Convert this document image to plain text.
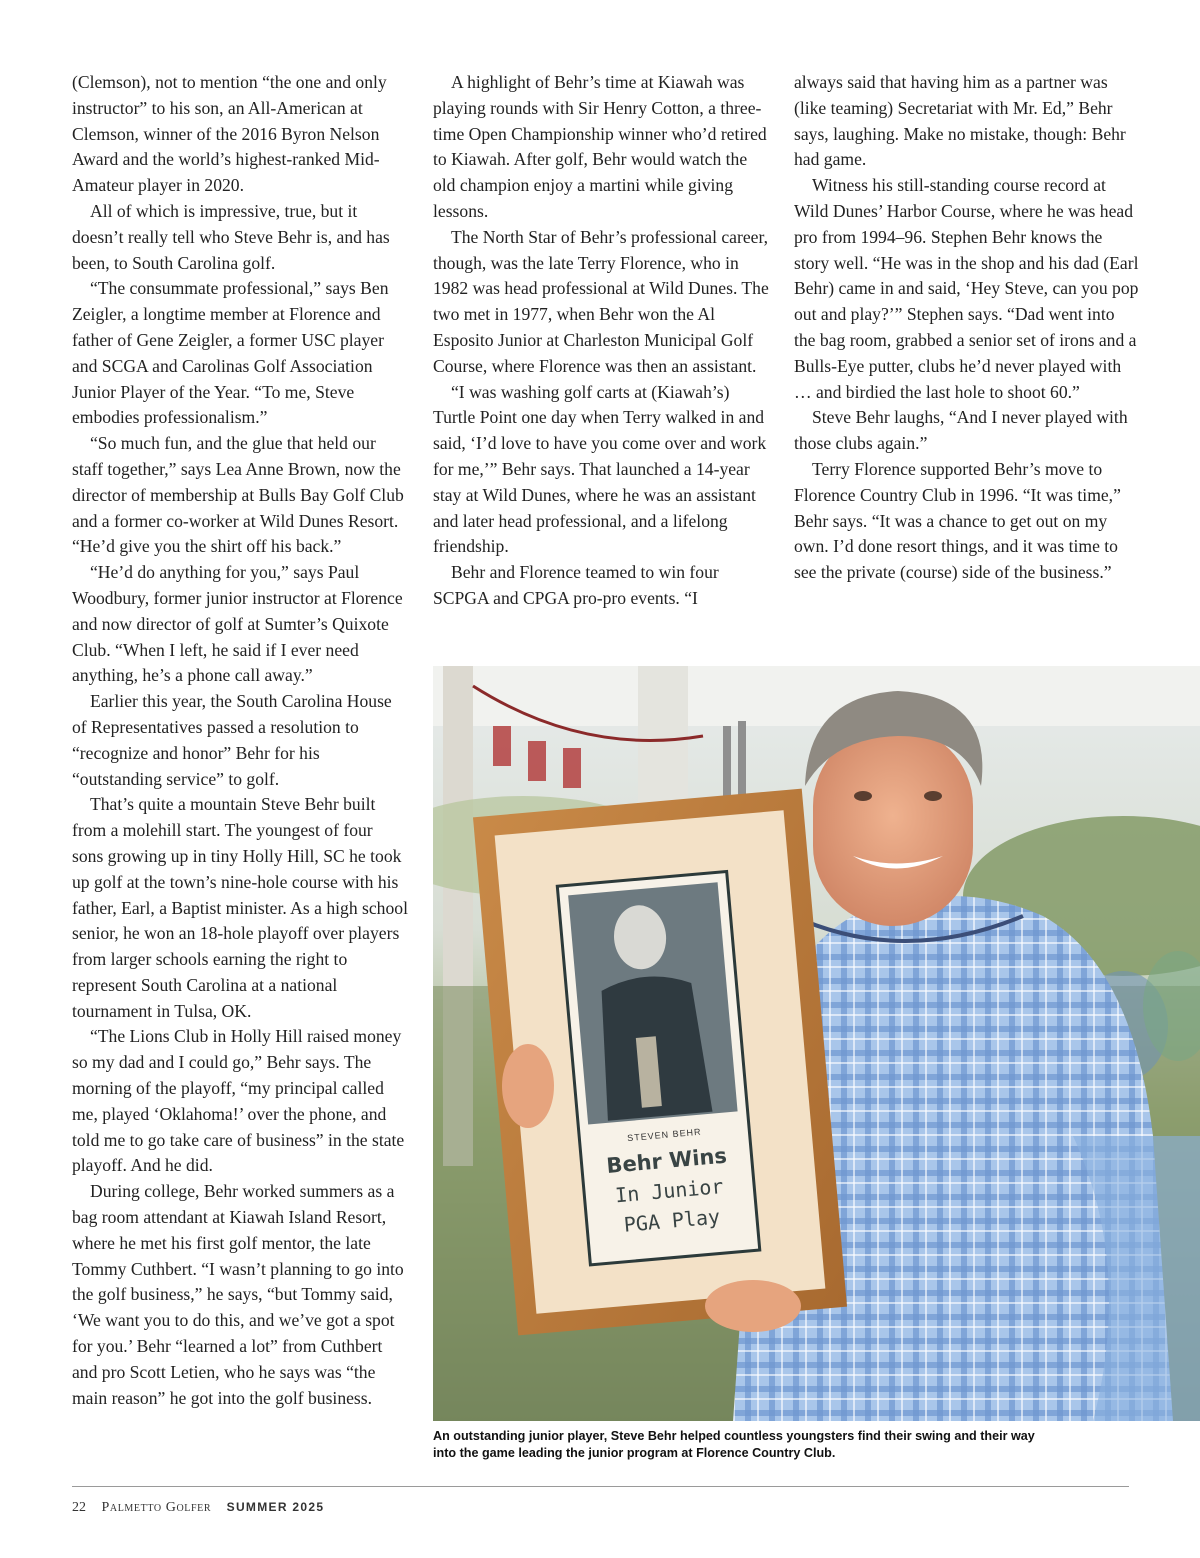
(Clemson), not to mention “the one and only instructor” to his son, an All-American at Clemson, winner of the 2016 Byron Nelson Award and the world’s highest-ranked Mid-Amateur player in 2020.

All of which is impressive, true, but it doesn’t really tell who Steve Behr is, and has been, to South Carolina golf.

“The consummate professional,” says Ben Zeigler, a longtime member at Florence and father of Gene Zeigler, a former USC player and SCGA and Carolinas Golf Association Junior Player of the Year. “To me, Steve embodies professionalism.”

“So much fun, and the glue that held our staff together,” says Lea Anne Brown, now the director of membership at Bulls Bay Golf Club and a former co-worker at Wild Dunes Resort. “He’d give you the shirt off his back.”

“He’d do anything for you,” says Paul Woodbury, former junior instructor at Florence and now director of golf at Sumter’s Quixote Club. “When I left, he said if I ever need anything, he’s a phone call away.”

Earlier this year, the South Carolina House of Representatives passed a resolution to “recognize and honor” Behr for his “outstanding service” to golf.

That’s quite a mountain Steve Behr built from a molehill start. The youngest of four sons growing up in tiny Holly Hill, SC he took up golf at the town’s nine-hole course with his father, Earl, a Baptist minister. As a high school senior, he won an 18-hole playoff over players from larger schools earning the right to represent South Carolina at a national tournament in Tulsa, OK.

“The Lions Club in Holly Hill raised money so my dad and I could go,” Behr says. The morning of the playoff, “my principal called me, played ‘Oklahoma!’ over the phone, and told me to go take care of business” in the state playoff. And he did.

During college, Behr worked summers as a bag room attendant at Kiawah Island Resort, where he met his first golf mentor, the late Tommy Cuthbert. “I wasn’t planning to go into the golf business,” he says, “but Tommy said, ‘We want you to do this, and we’ve got a spot for you.’ Behr “learned a lot” from Cuthbert and pro Scott Letien, who he says was “the main reason” he got into the golf business.

A highlight of Behr’s time at Kiawah was playing rounds with Sir Henry Cotton, a three-time Open Championship winner who’d retired to Kiawah. After golf, Behr would watch the old champion enjoy a martini while giving lessons.

The North Star of Behr’s professional career, though, was the late Terry Florence, who in 1982 was head professional at Wild Dunes. The two met in 1977, when Behr won the Al Esposito Junior at Charleston Municipal Golf Course, where Florence was then an assistant.

“I was washing golf carts at (Kiawah’s) Turtle Point one day when Terry walked in and said, ‘I’d love to have you come over and work for me,’” Behr says. That launched a 14-year stay at Wild Dunes, where he was an assistant and later head professional, and a lifelong friendship.

Behr and Florence teamed to win four SCPGA and CPGA pro-pro events. “I

always said that having him as a partner was (like teaming) Secretariat with Mr. Ed,” Behr says, laughing. Make no mistake, though: Behr had game.

Witness his still-standing course record at Wild Dunes’ Harbor Course, where he was head pro from 1994–96. Stephen Behr knows the story well. “He was in the shop and his dad (Earl Behr) came in and said, ‘Hey Steve, can you pop out and play?’” Stephen says. “Dad went into the bag room, grabbed a senior set of irons and a Bulls-Eye putter, clubs he’d never played with … and birdied the last hole to shoot 60.”

Steve Behr laughs, “And I never played with those clubs again.”

Terry Florence supported Behr’s move to Florence Country Club in 1996. “It was time,” Behr says. “It was a chance to get out on my own. I’d done resort things, and it was time to see the private (course) side of the business.”

STEVEN BEHR
Behr Wins
In Junior
PGA Play
An outstanding junior player, Steve Behr helped countless youngsters find their swing and their way into the game leading the junior program at Florence Country Club.
22 Palmetto Golfer SUMMER 2025
